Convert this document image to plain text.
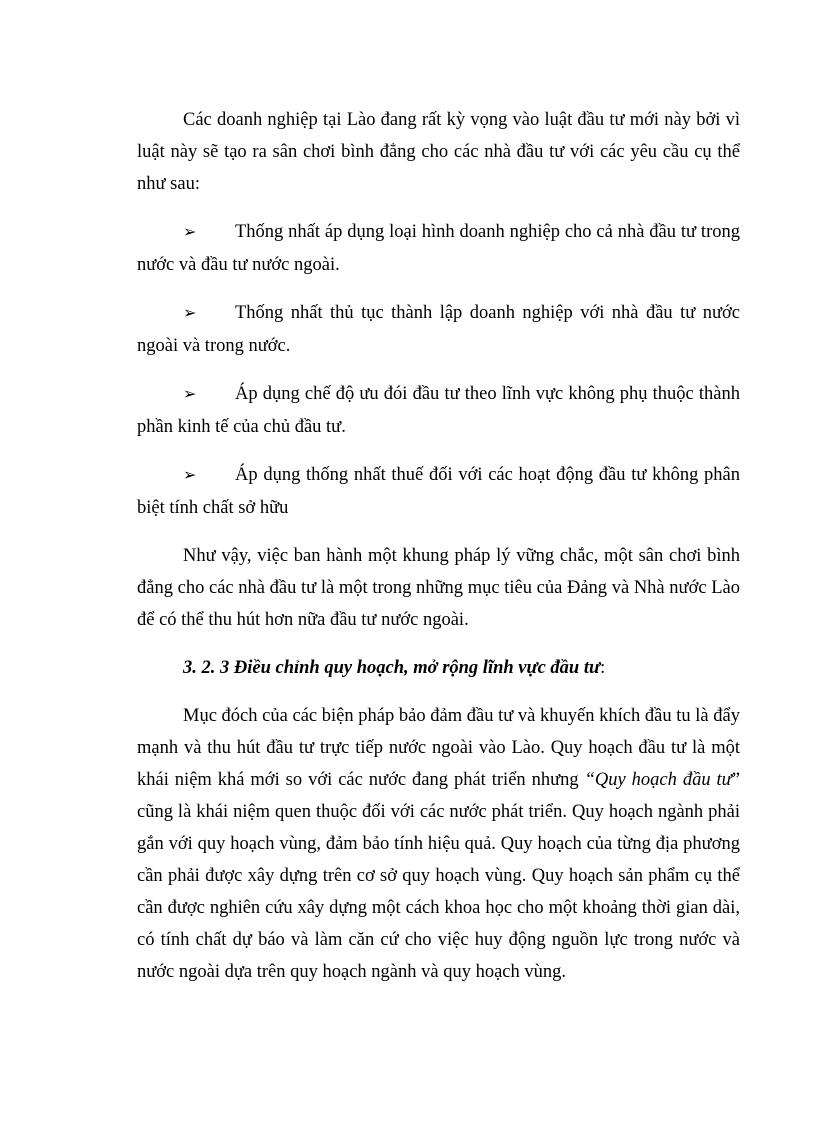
Các doanh nghiệp tại Lào đang rất kỳ vọng vào luật đầu tư mới này bởi vì luật này sẽ tạo ra sân chơi bình đẳng cho các nhà đầu tư với các yêu cầu cụ thể như sau:

➢ Thống nhất áp dụng loại hình doanh nghiệp cho cả nhà đầu tư trong nước và đầu tư nước ngoài.

➢ Thống nhất thủ tục thành lập doanh nghiệp với nhà đầu tư nước ngoài và trong nước.

➢ Áp dụng chế độ ưu đói đầu tư theo lĩnh vực không phụ thuộc thành phần kinh tế của chủ đầu tư.

➢ Áp dụng thống nhất thuế đối với các hoạt động đầu tư không phân biệt tính chất sở hữu

Như vậy, việc ban hành một khung pháp lý vững chắc, một sân chơi bình đẳng cho các nhà đầu tư là một trong những mục tiêu của Đảng và Nhà nước Lào để có thể thu hút hơn nữa đầu tư nước ngoài.

3. 2. 3 Điều chỉnh quy hoạch, mở rộng lĩnh vực đầu tư:

Mục đóch của các biện pháp bảo đảm đầu tư và khuyến khích đầu tu là đẩy mạnh và thu hút đầu tư trực tiếp nước ngoài vào Lào. Quy hoạch đầu tư là một khái niệm khá mới so với các nước đang phát triển nhưng “Quy hoạch đầu tư” cũng là khái niệm quen thuộc đối với các nước phát triển. Quy hoạch ngành phải gắn với quy hoạch vùng, đảm bảo tính hiệu quả. Quy hoạch của từng địa phương cần phải được xây dựng trên cơ sở quy hoạch vùng. Quy hoạch sản phẩm cụ thể cần được nghiên cứu xây dựng một cách khoa học cho một khoảng thời gian dài, có tính chất dự báo và làm căn cứ cho việc huy động nguồn lực trong nước và nước ngoài dựa trên quy hoạch ngành và quy hoạch vùng.
